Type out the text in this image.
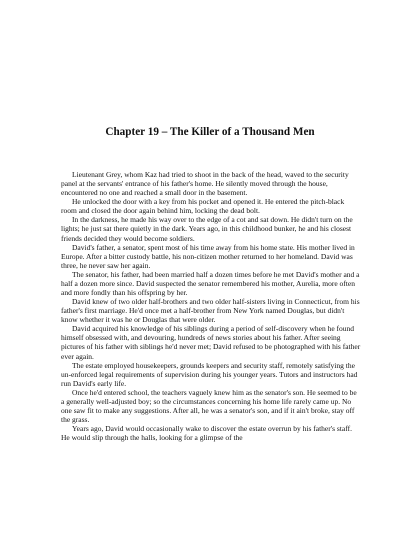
Chapter 19 – The Killer of a Thousand Men

Lieutenant Grey, whom Kaz had tried to shoot in the back of the head, waved to the security panel at the servants' entrance of his father's home. He silently moved through the house, encountered no one and reached a small door in the basement.

He unlocked the door with a key from his pocket and opened it. He entered the pitch-black room and closed the door again behind him, locking the dead bolt.

In the darkness, he made his way over to the edge of a cot and sat down. He didn't turn on the lights; he just sat there quietly in the dark. Years ago, in this childhood bunker, he and his closest friends decided they would become soldiers.

David's father, a senator, spent most of his time away from his home state. His mother lived in Europe. After a bitter custody battle, his non-citizen mother returned to her homeland. David was three, he never saw her again.

The senator, his father, had been married half a dozen times before he met David's mother and a half a dozen more since. David suspected the senator remembered his mother, Aurelia, more often and more fondly than his offspring by her.

David knew of two older half-brothers and two older half-sisters living in Connecticut, from his father's first marriage. He'd once met a half-brother from New York named Douglas, but didn't know whether it was he or Douglas that were older.

David acquired his knowledge of his siblings during a period of self-discovery when he found himself obsessed with, and devouring, hundreds of news stories about his father. After seeing pictures of his father with siblings he'd never met; David refused to be photographed with his father ever again.

The estate employed housekeepers, grounds keepers and security staff, remotely satisfying the un-enforced legal requirements of supervision during his younger years. Tutors and instructors had run David's early life.

Once he'd entered school, the teachers vaguely knew him as the senator's son. He seemed to be a generally well-adjusted boy; so the circumstances concerning his home life rarely came up. No one saw fit to make any suggestions. After all, he was a senator's son, and if it ain't broke, stay off the grass.

Years ago, David would occasionally wake to discover the estate overrun by his father's staff. He would slip through the halls, looking for a glimpse of the
